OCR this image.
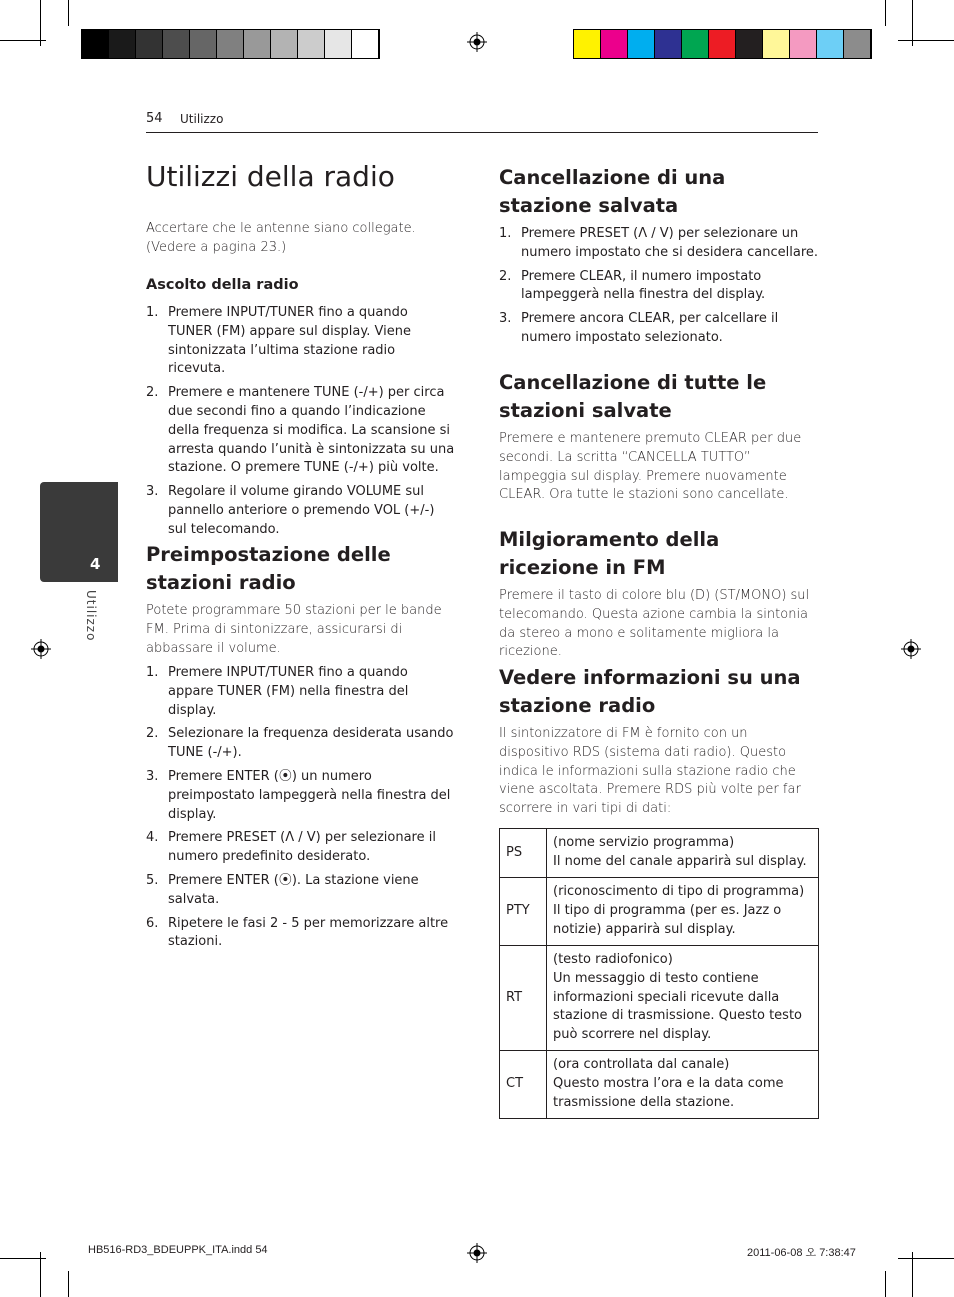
54 Utilizzo
4
Utilizzo
Utilizzi della radio

Accertare che le antenne siano collegate. (Vedere a pagina 23.)

Ascolto della radio
1. Premere INPUT/TUNER fino a quando TUNER (FM) appare sul display. Viene sintonizzata l’ultima stazione radio ricevuta.
2. Premere e mantenere TUNE (-/+) per circa due secondi fino a quando l’indicazione della frequenza si modifica. La scansione si arresta quando l’unità è sintonizzata su una stazione. O premere TUNE (-/+) più volte.
3. Regolare il volume girando VOLUME sul pannello anteriore o premendo VOL (+/-) sul telecomando.
Preimpostazione delle stazioni radio

Potete programmare 50 stazioni per le bande FM. Prima di sintonizzare, assicurarsi di abbassare il volume.

1. Premere INPUT/TUNER fino a quando appare TUNER (FM) nella finestra del display.
2. Selezionare la frequenza desiderata usando TUNE (-/+).
3. Premere ENTER (⦿) un numero preimpostato lampeggerà nella finestra del display.
4. Premere PRESET (Λ / V) per selezionare il numero predefinito desiderato.
5. Premere ENTER (⦿). La stazione viene salvata.
6. Ripetere le fasi 2 - 5 per memorizzare altre stazioni.
Cancellazione di una stazione salvata
1. Premere PRESET (Λ / V) per selezionare un numero impostato che si desidera cancellare.
2. Premere CLEAR, il numero impostato lampeggerà nella finestra del display.
3. Premere ancora CLEAR, per calcellare il numero impostato selezionato.
Cancellazione di tutte le stazioni salvate

Premere e mantenere premuto CLEAR per due secondi. La scritta “CANCELLA TUTTO” lampeggia sul display. Premere nuovamente CLEAR. Ora tutte le stazioni sono cancellate.

Milgioramento della ricezione in FM

Premere il tasto di colore blu (D) (ST/MONO) sul telecomando. Questa azione cambia la sintonia da stereo a mono e solitamente migliora la ricezione.

Vedere informazioni su una stazione radio

Il sintonizzatore di FM è fornito con un dispositivo RDS (sistema dati radio). Questo indica le informazioni sulla stazione radio che viene ascoltata. Premere RDS più volte per far scorrere in vari tipi di dati:

PS	(nome servizio programma)
Il nome del canale apparirà sul display.

PTY	(riconoscimento di tipo di programma)
Il tipo di programma (per es. Jazz o notizie) apparirà sul display.

RT	(testo radiofonico)
Un messaggio di testo contiene informazioni speciali ricevute dalla stazione di trasmissione. Questo testo può scorrere nel display.

CT	(ora controllata dal canale)
Questo mostra l’ora e la data come trasmissione della stazione.
HB516-RD3_BDEUPPK_ITA.indd 54	2011-06-08 오 7:38:47
